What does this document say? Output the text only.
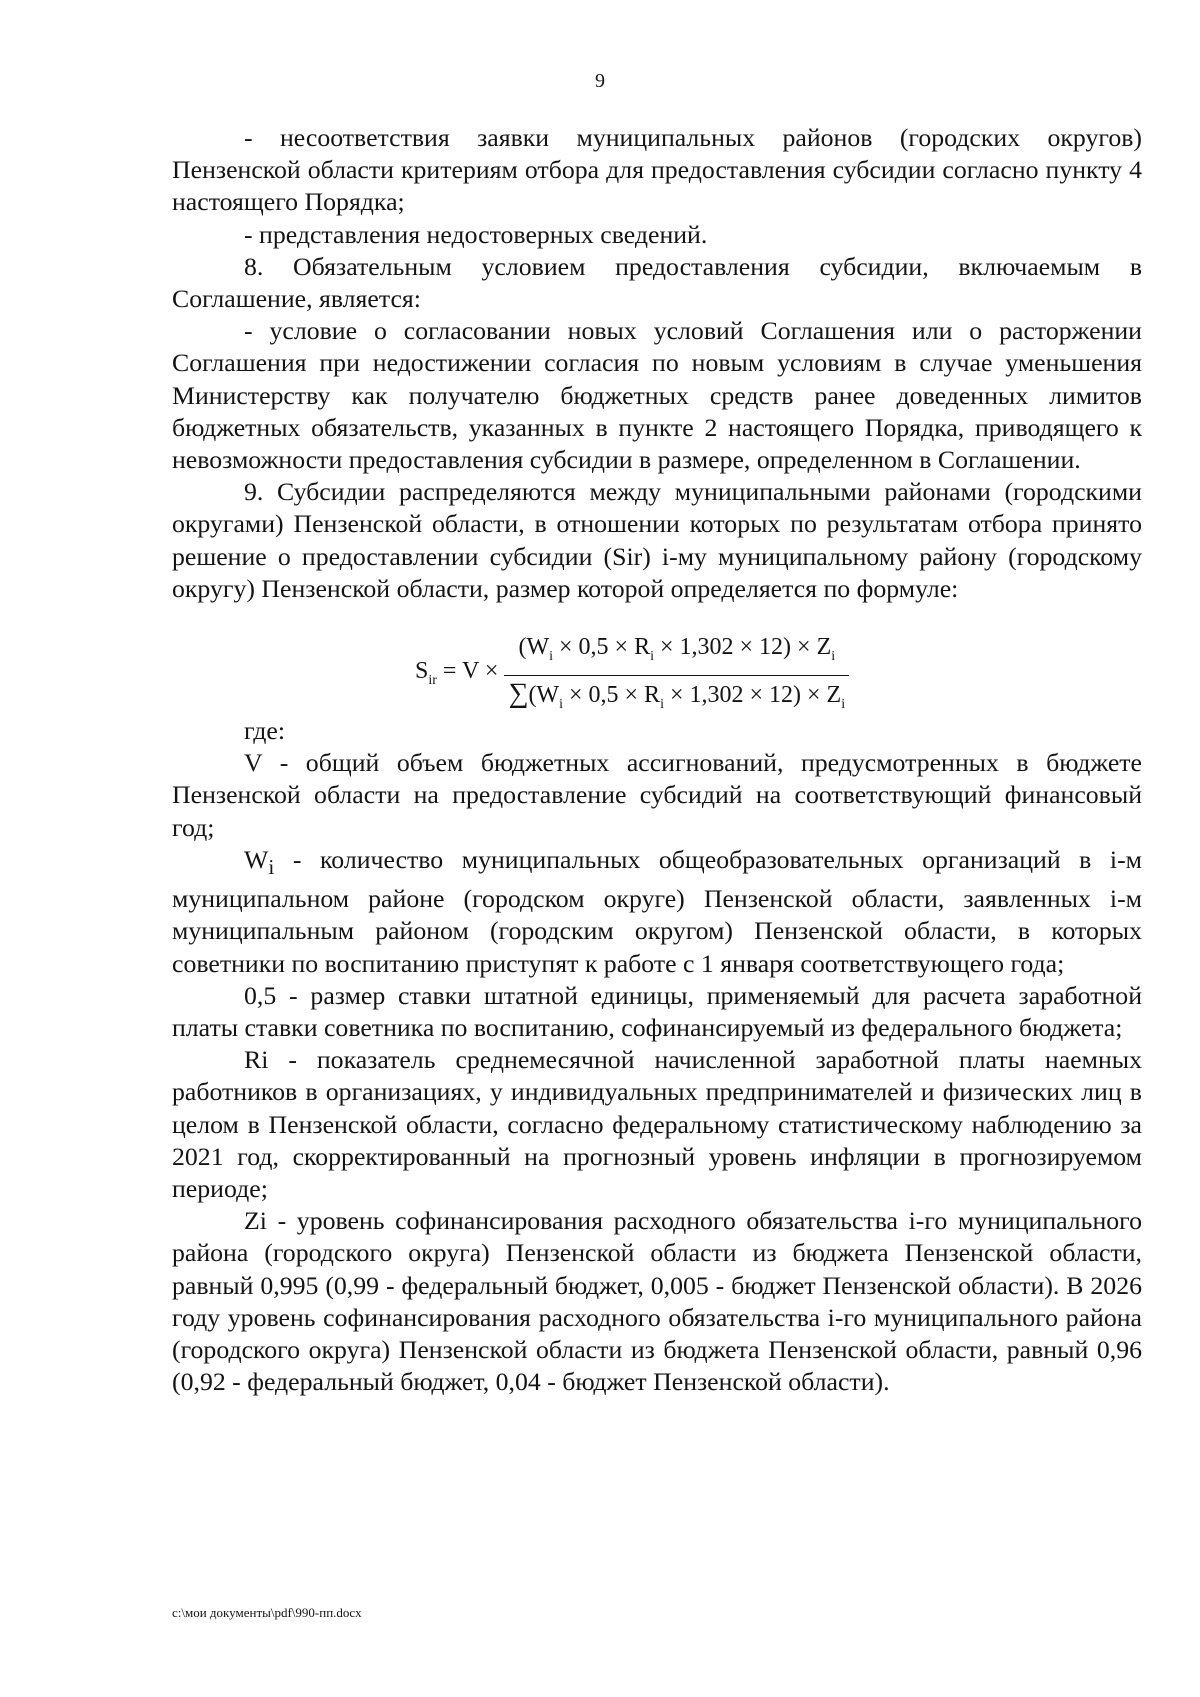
9

- несоответствия заявки муниципальных районов (городских округов) Пензенской области критериям отбора для предоставления субсидии согласно пункту 4 настоящего Порядка;

- представления недостоверных сведений.

8. Обязательным условием предоставления субсидии, включаемым в Соглашение, является:

- условие о согласовании новых условий Соглашения или о расторжении Соглашения при недостижении согласия по новым условиям в случае уменьшения Министерству как получателю бюджетных средств ранее доведенных лимитов бюджетных обязательств, указанных в пункте 2 настоящего Порядка, приводящего к невозможности предоставления субсидии в размере, определенном в Соглашении.

9. Субсидии распределяются между муниципальными районами (городскими округами) Пензенской области, в отношении которых по результатам отбора принято решение о предоставлении субсидии (Sir) i-му муниципальному району (городскому округу) Пензенской области, размер которой определяется по формуле:

$S_{ir} = V \times \frac{(W_i \times 0,5 \times R_i \times 1,302 \times 12) \times Z_i}{\sum(W_i \times 0,5 \times R_i \times 1,302 \times 12) \times Z_i}$

где:

V - общий объем бюджетных ассигнований, предусмотренных в бюджете Пензенской области на предоставление субсидий на соответствующий финансовый год;

$W_i$ - количество муниципальных общеобразовательных организаций в i-м муниципальном районе (городском округе) Пензенской области, заявленных i-м муниципальным районом (городским округом) Пензенской области, в которых советники по воспитанию приступят к работе с 1 января соответствующего года;

0,5 - размер ставки штатной единицы, применяемый для расчета заработной платы ставки советника по воспитанию, софинансируемый из федерального бюджета;

Ri - показатель среднемесячной начисленной заработной платы наемных работников в организациях, у индивидуальных предпринимателей и физических лиц в целом в Пензенской области, согласно федеральному статистическому наблюдению за 2021 год, скорректированный на прогнозный уровень инфляции в прогнозируемом периоде;

Zi - уровень софинансирования расходного обязательства i-го муниципального района (городского округа) Пензенской области из бюджета Пензенской области, равный 0,995 (0,99 - федеральный бюджет, 0,005 - бюджет Пензенской области). В 2026 году уровень софинансирования расходного обязательства i-го муниципального района (городского округа) Пензенской области из бюджета Пензенской области, равный 0,96 (0,92 - федеральный бюджет, 0,04 - бюджет Пензенской области).

c:\мои документы\pdf\990-пп.docx
